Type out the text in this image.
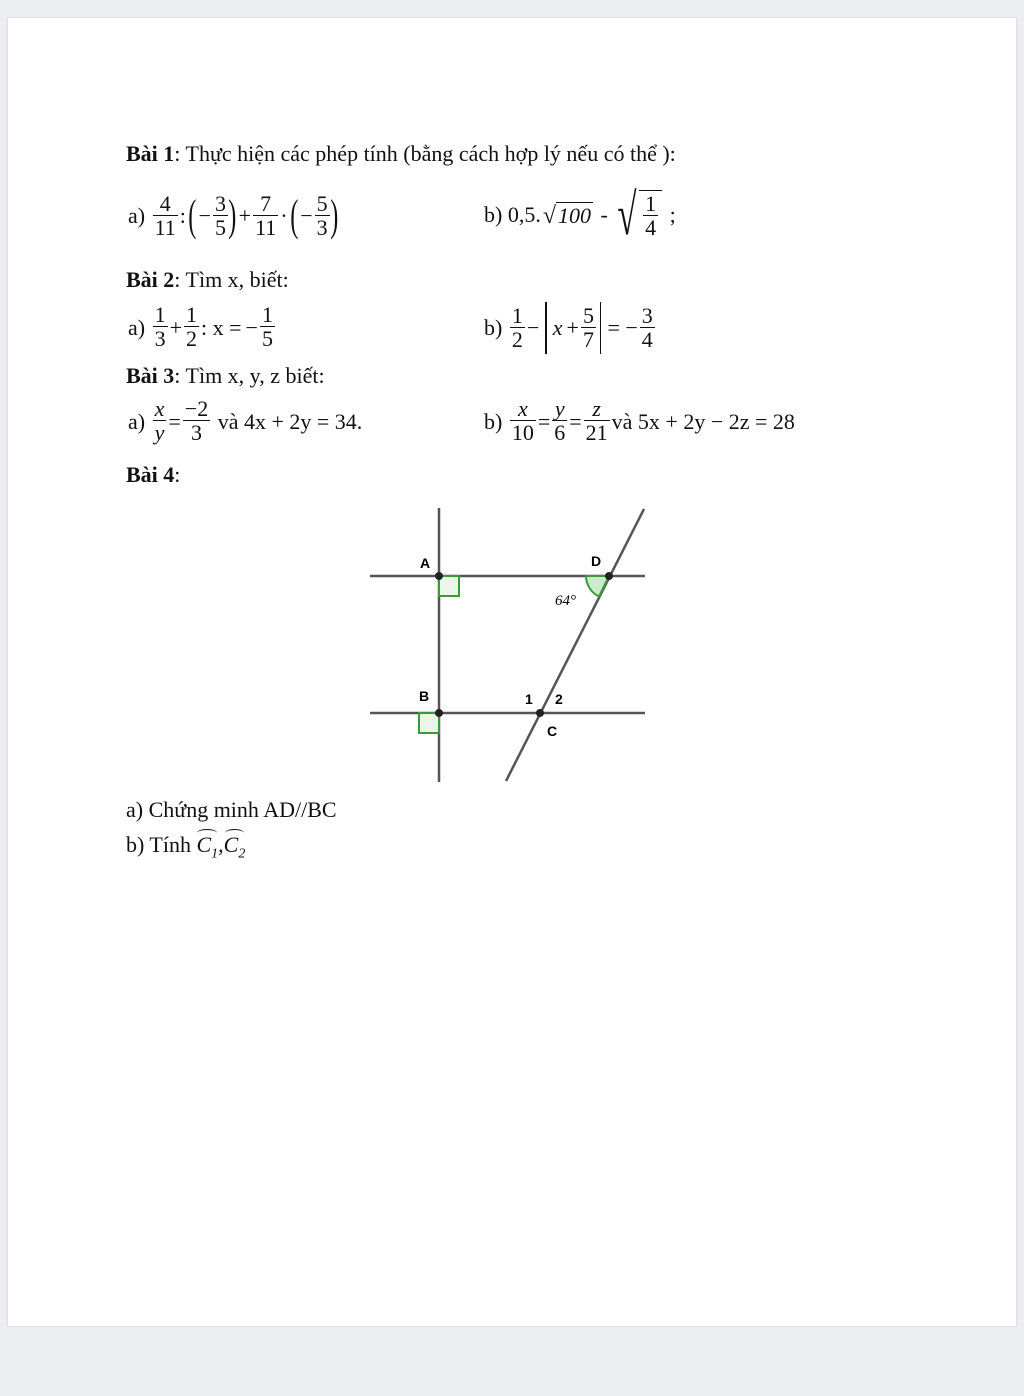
Bài 1: Thực hiện các phép tính (bằng cách hợp lý nếu có thể ):
$a) \frac{4}{11}$ :( − $\frac{3}{5}$ ) + $\frac{7}{11}$ ·( − $\frac{5}{3}$ )	b) 0,5.√100 - √ $\frac{1}{4}$ ;
Bài 2: Tìm x, biết:
$a) \frac{1}{3} + \frac{1}{2}$ : x = − $\frac{1}{5}$	$b) \frac{1}{2} - x + \frac{5}{7}$ = − $\frac{3}{4}$
Bài 3: Tìm x, y, z biết:
$a) \frac{x}{y} = \frac{-2}{3}$ và 4x + 2y = 34.	$b) \frac{x}{10} = \frac{y}{6} = \frac{z}{21}$ và 5x + 2y − 2z = 28
Bài 4:
A	D
B
C
1 2
64°
a) Chứng minh AD//BC
b) Tính $C_1,C_2$
